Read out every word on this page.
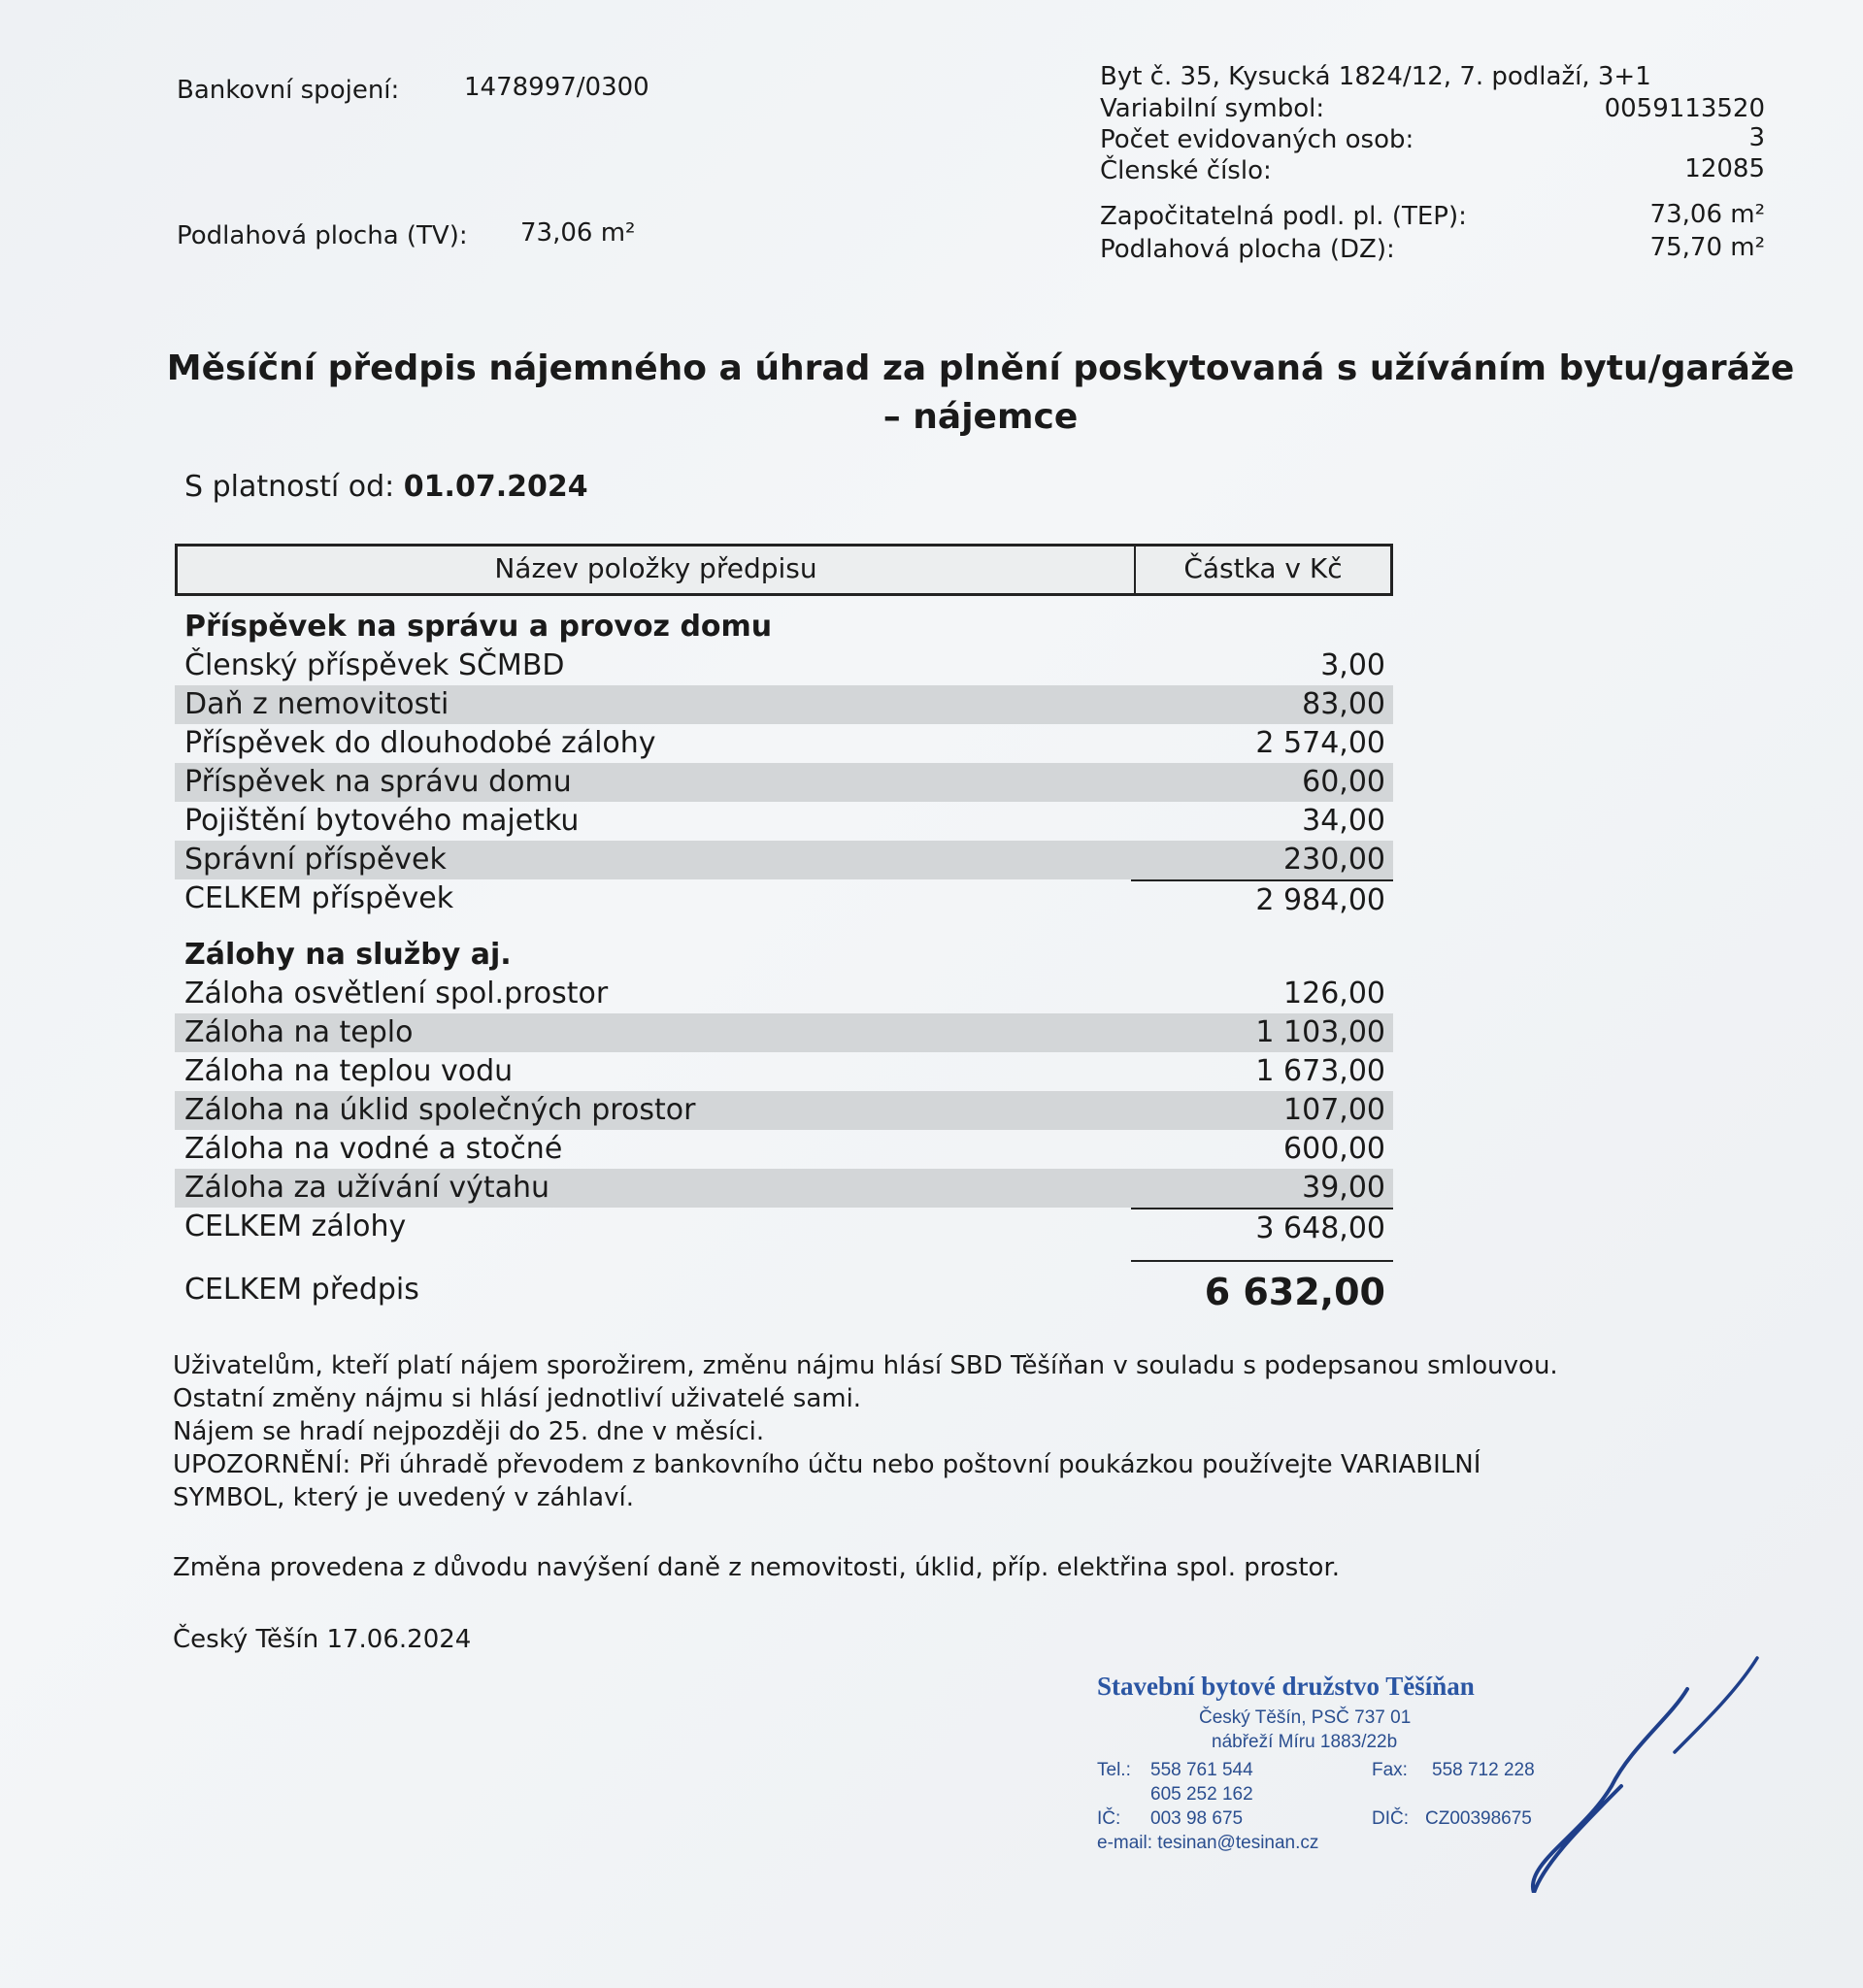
Bankovní spojení:	1478997/0300
Podlahová plocha (TV): 73,06 m²
Byt č. 35, Kysucká 1824/12, 7. podlaží, 3+1
Variabilní symbol:	0059113520
Počet evidovaných osob:	3
Členské číslo:	12085
Započitatelná podl. pl. (TEP):	73,06 m²
Podlahová plocha (DZ):	75,70 m²
Měsíční předpis nájemného a úhrad za plnění poskytovaná s užíváním bytu/garáže
– nájemce
S platností od: 01.07.2024
Název položky předpisu	Částka v Kč
Příspěvek na správu a provoz domu
Členský příspěvek SČMBD	3,00
Daň z nemovitosti	83,00
Příspěvek do dlouhodobé zálohy	2 574,00
Příspěvek na správu domu	60,00
Pojištění bytového majetku	34,00
Správní příspěvek	230,00
CELKEM příspěvek	2 984,00
Zálohy na služby aj.
Záloha osvětlení spol.prostor	126,00
Záloha na teplo	1 103,00
Záloha na teplou vodu	1 673,00
Záloha na úklid společných prostor	107,00
Záloha na vodné a stočné	600,00
Záloha za užívání výtahu	39,00
CELKEM zálohy	3 648,00
CELKEM předpis	6 632,00
Uživatelům, kteří platí nájem sporožirem, změnu nájmu hlásí SBD Těšíňan v souladu s podepsanou smlouvou.
Ostatní změny nájmu si hlásí jednotliví uživatelé sami.
Nájem se hradí nejpozději do 25. dne v měsíci.
UPOZORNĚNÍ: Při úhradě převodem z bankovního účtu nebo poštovní poukázkou používejte VARIABILNÍ
SYMBOL, který je uvedený v záhlaví.
Změna provedena z důvodu navýšení daně z nemovitosti, úklid, příp. elektřina spol. prostor.
Český Těšín 17.06.2024
Stavební bytové družstvo Těšíňan
Český Těšín, PSČ 737 01
nábřeží Míru 1883/22b
Tel.: 558 761 544	Fax: 558 712 228
605 252 162
IČ: 003 98 675	DIČ: CZ00398675
e-mail: tesinan@tesinan.cz
